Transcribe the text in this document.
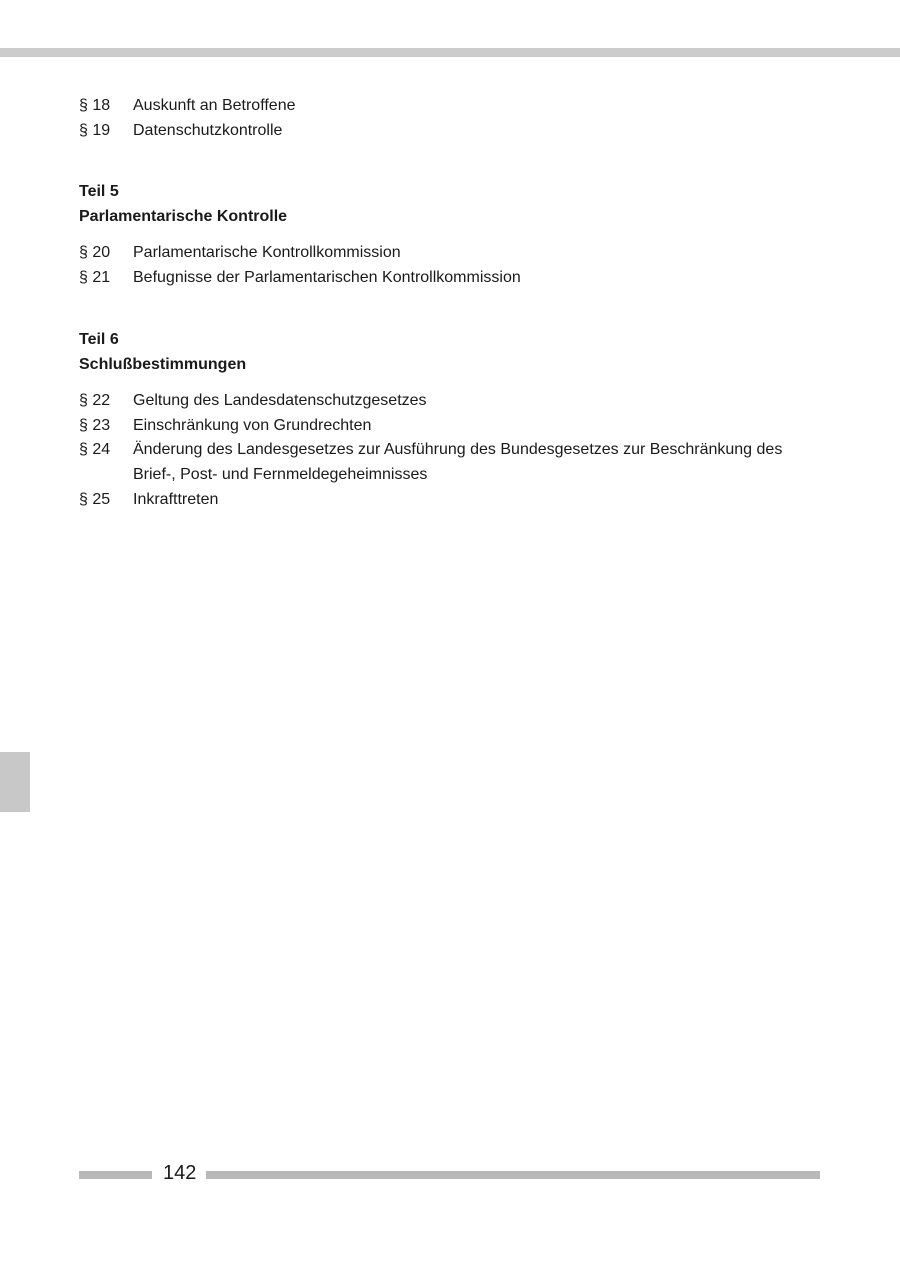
§ 18	Auskunft an Betroffene
§ 19	Datenschutzkontrolle
Teil 5
Parlamentarische Kontrolle
§ 20	Parlamentarische Kontrollkommission
§ 21	Befugnisse der Parlamentarischen Kontrollkommission
Teil 6
Schlußbestimmungen
§ 22	Geltung des Landesdatenschutzgesetzes
§ 23	Einschränkung von Grundrechten
§ 24	Änderung des Landesgesetzes zur Ausführung des Bundesgesetzes zur Beschränkung des Brief-, Post- und Fernmeldegeheimnisses
§ 25	Inkrafttreten
142
